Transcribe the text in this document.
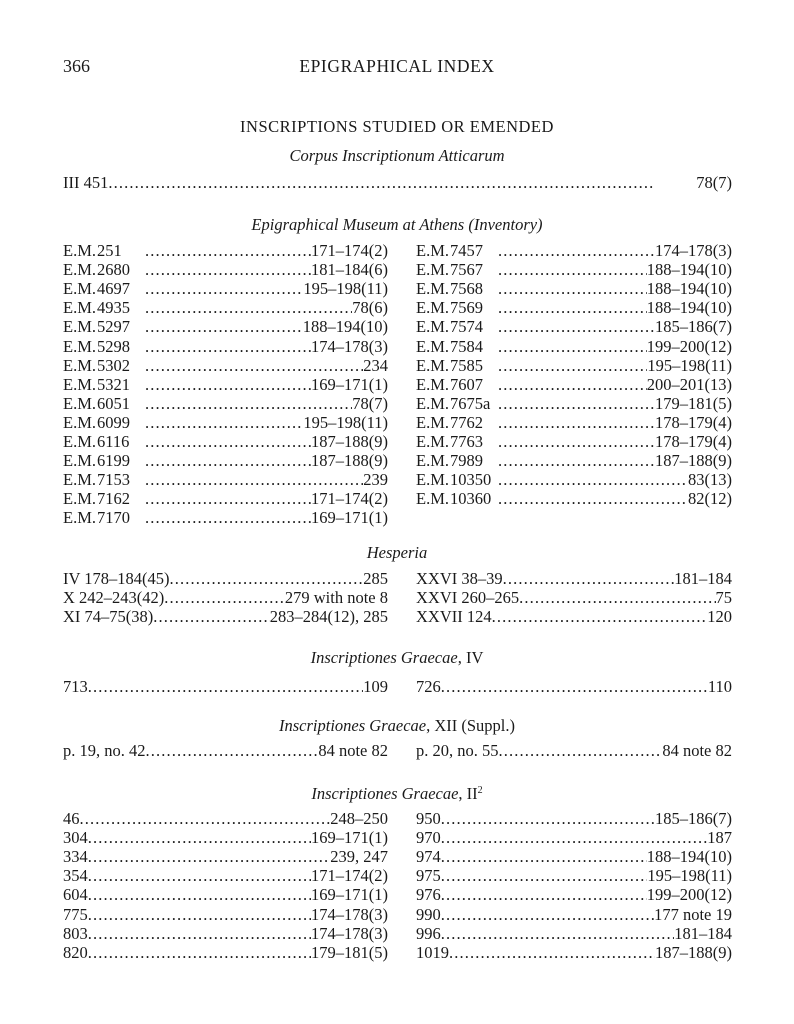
366	EPIGRAPHICAL INDEX
INSCRIPTIONS STUDIED OR EMENDED
Corpus Inscriptionum Atticarum
III 451 . . .	78(7)
Epigraphical Museum at Athens (Inventory)
E.M.251 . . .	171–174(2)
E.M.2680 . . .	181–184(6)
E.M.4697 . . .	195–198(11)
E.M.4935 . . .	78(6)
E.M.5297 . . .	188–194(10)
E.M.5298 . . .	174–178(3)
E.M.5302 . . .	234
E.M.5321 . . .	169–171(1)
E.M.6051 . . .	78(7)
E.M.6099 . . .	195–198(11)
E.M.6116 . . .	187–188(9)
E.M.6199 . . .	187–188(9)
E.M.7153 . . .	239
E.M.7162 . . .	171–174(2)
E.M.7170 . . .	169–171(1)
E.M.7457 . . .	174–178(3)
E.M.7567 . . .	188–194(10)
E.M.7568 . . .	188–194(10)
E.M.7569 . . .	188–194(10)
E.M.7574 . . .	185–186(7)
E.M.7584 . . .	199–200(12)
E.M.7585 . . .	195–198(11)
E.M.7607 . . .	200–201(13)
E.M.7675a . . .	179–181(5)
E.M.7762 . . .	178–179(4)
E.M.7763 . . .	178–179(4)
E.M.7989 . . .	187–188(9)
E.M.10350 . . .	83(13)
E.M.10360 . . .	82(12)
Hesperia
IV 178–184(45) . . .	285
X 242–243(42) . . .	279 with note 8
XI 74–75(38) . . .	283–284(12), 285
XXVI 38–39 . . .	181–184
XXVI 260–265 . . .	75
XXVII 124 . . .	120
Inscriptiones Graecae, IV
713 . . .	109 726 . . .	110
Inscriptiones Graecae, XII (Suppl.)
p. 19, no. 42 . . .	84 note 82 p. 20, no. 55 . . .	84 note 82
Inscriptiones Graecae, $II^2$
46 . . .	248–250
304 . . .	169–171(1)
334 . . .	239, 247
354 . . .	171–174(2)
604 . . .	169–171(1)
775 . . .	174–178(3)
803 . . .	174–178(3)
820 . . .	179–181(5)
950 . . .	185–186(7)
970 . . .	187
974 . . .	188–194(10)
975 . . .	195–198(11)
976 . . .	199–200(12)
990 . . .	177 note 19
996 . . .	181–184
1019 . . .	187–188(9)
